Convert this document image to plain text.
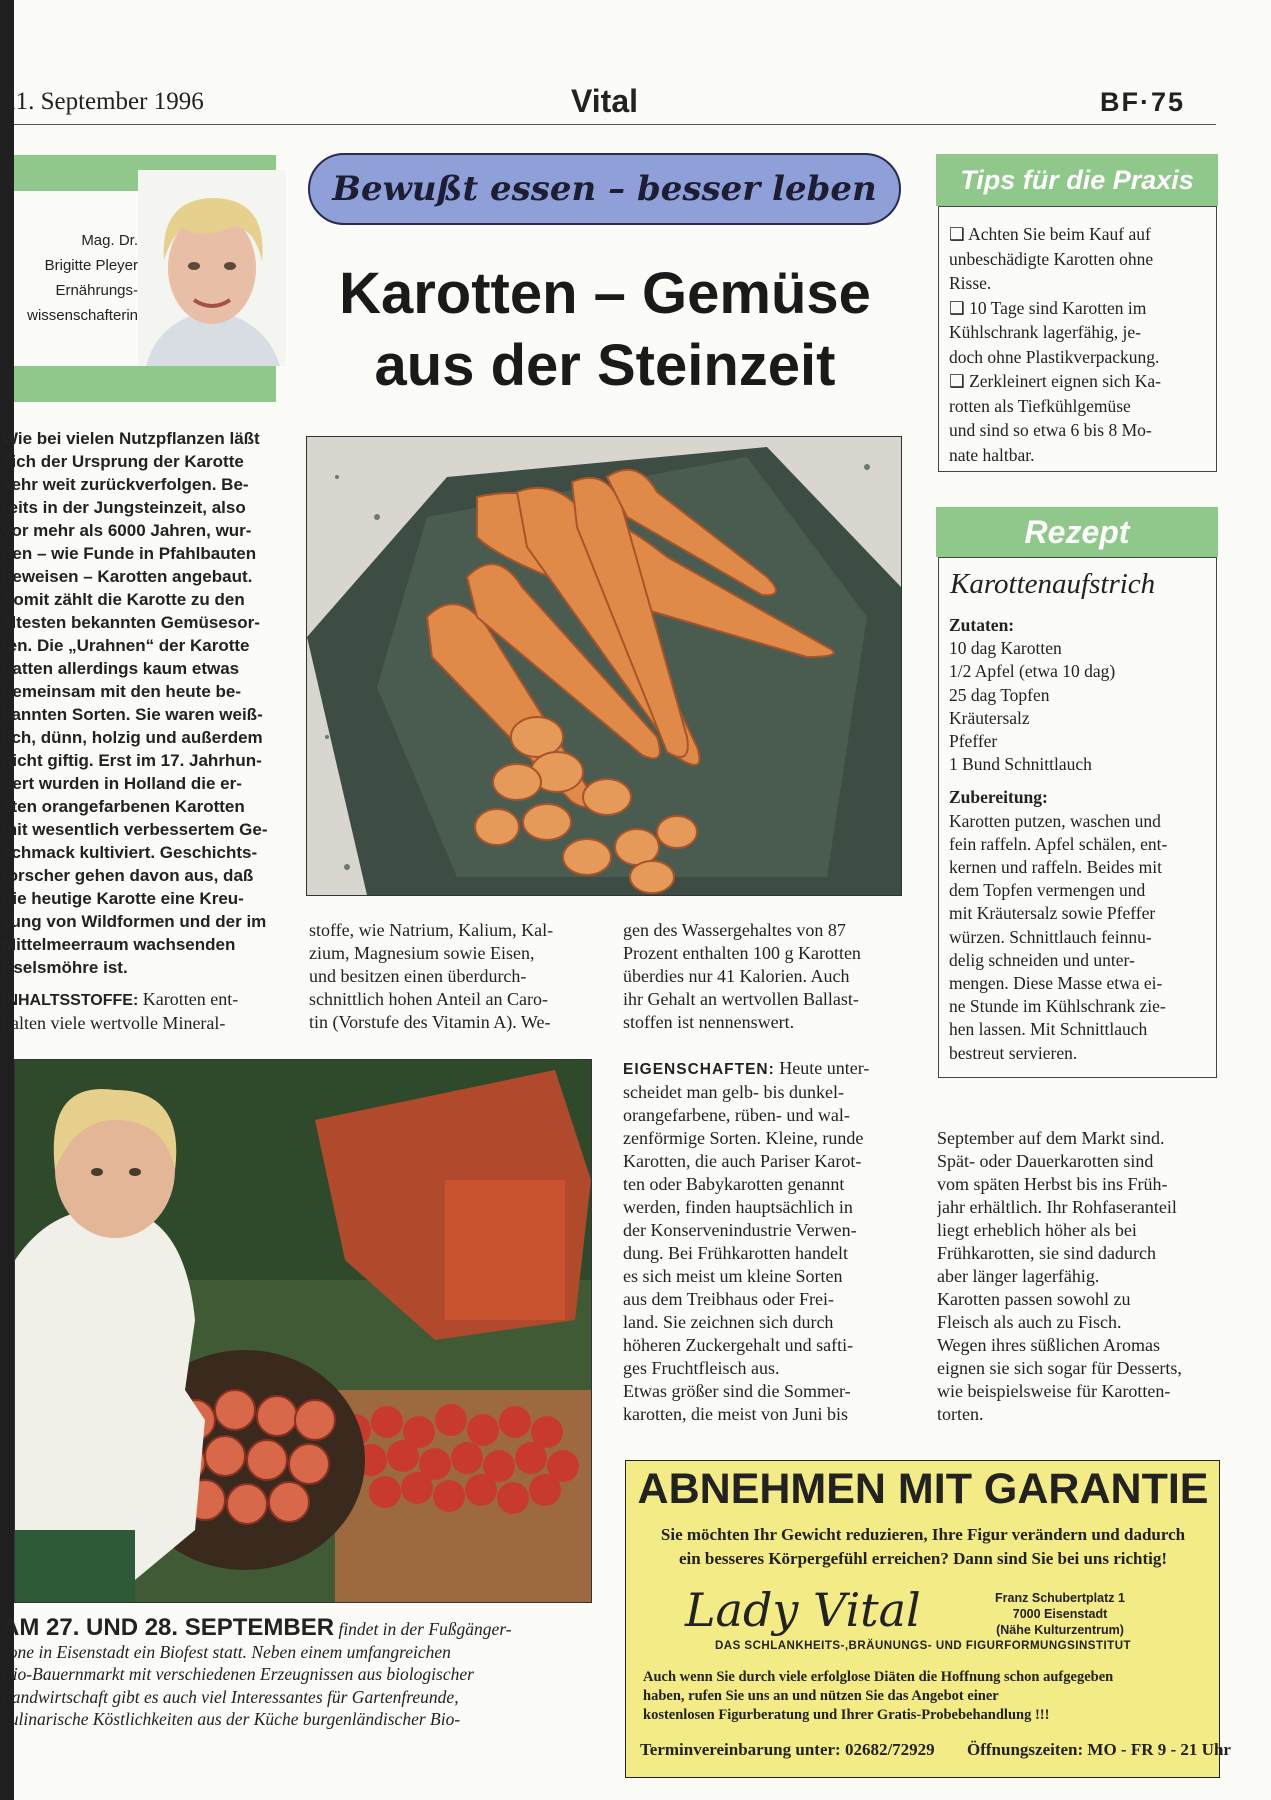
11. September 1996	Vital	BF·75
Mag. Dr.
Brigitte Pleyer
Ernährungs-
wissenschafterin
Bewußt essen – besser leben
Karotten – Gemüse
aus der Steinzeit
Wie bei vielen Nutzpflanzen läßt
sich der Ursprung der Karotte
sehr weit zurückverfolgen. Be-
reits in der Jungsteinzeit, also
vor mehr als 6000 Jahren, wur-
den – wie Funde in Pfahlbauten
beweisen – Karotten angebaut.
Somit zählt die Karotte zu den
ältesten bekannten Gemüsesor-
ten. Die „Urahnen“ der Karotte
hatten allerdings kaum etwas
gemeinsam mit den heute be-
kannten Sorten. Sie waren weiß-
lich, dünn, holzig und außerdem
nicht giftig. Erst im 17. Jahrhun-
dert wurden in Holland die er-
sten orangefarbenen Karotten
mit wesentlich verbessertem Ge-
schmack kultiviert. Geschichts-
forscher gehen davon aus, daß
die heutige Karotte eine Kreu-
zung von Wildformen und der im
Mittelmeerraum wachsenden
Eselsmöhre ist.
INHALTSSTOFFE: Karotten ent-
halten viele wertvolle Mineral-
stoffe, wie Natrium, Kalium, Kal-
zium, Magnesium sowie Eisen,
und besitzen einen überdurch-
schnittlich hohen Anteil an Caro-
tin (Vorstufe des Vitamin A). We-
gen des Wassergehaltes von 87
Prozent enthalten 100 g Karotten
überdies nur 41 Kalorien. Auch
ihr Gehalt an wertvollen Ballast-
stoffen ist nennenswert.
EIGENSCHAFTEN: Heute unter-
scheidet man gelb- bis dunkel-
orangefarbene, rüben- und wal-
zenförmige Sorten. Kleine, runde
Karotten, die auch Pariser Karot-
ten oder Babykarotten genannt
werden, finden hauptsächlich in
der Konservenindustrie Verwen-
dung. Bei Frühkarotten handelt
es sich meist um kleine Sorten
aus dem Treibhaus oder Frei-
land. Sie zeichnen sich durch
höheren Zuckergehalt und safti-
ges Fruchtfleisch aus.
Etwas größer sind die Sommer-
karotten, die meist von Juni bis
September auf dem Markt sind.
Spät- oder Dauerkarotten sind
vom späten Herbst bis ins Früh-
jahr erhältlich. Ihr Rohfaseranteil
liegt erheblich höher als bei
Frühkarotten, sie sind dadurch
aber länger lagerfähig.
Karotten passen sowohl zu
Fleisch als auch zu Fisch.
Wegen ihres süßlichen Aromas
eignen sie sich sogar für Desserts,
wie beispielsweise für Karotten-
torten.
Tips für die Praxis
❑ Achten Sie beim Kauf auf
unbeschädigte Karotten ohne
Risse.
❑ 10 Tage sind Karotten im
Kühlschrank lagerfähig, je-
doch ohne Plastikverpackung.
❑ Zerkleinert eignen sich Ka-
rotten als Tiefkühlgemüse
und sind so etwa 6 bis 8 Mo-
nate haltbar.
Rezept
Karottenaufstrich
Zutaten:
10 dag Karotten
1/2 Apfel (etwa 10 dag)
25 dag Topfen
Kräutersalz
Pfeffer
1 Bund Schnittlauch
Zubereitung:
Karotten putzen, waschen und
fein raffeln. Apfel schälen, ent-
kernen und raffeln. Beides mit
dem Topfen vermengen und
mit Kräutersalz sowie Pfeffer
würzen. Schnittlauch feinnu-
delig schneiden und unter-
mengen. Diese Masse etwa ei-
ne Stunde im Kühlschrank zie-
hen lassen. Mit Schnittlauch
bestreut servieren.
AM 27. UND 28. SEPTEMBER findet in der Fußgänger-
zone in Eisenstadt ein Biofest statt. Neben einem umfangreichen
Bio-Bauernmarkt mit verschiedenen Erzeugnissen aus biologischer
Landwirtschaft gibt es auch viel Interessantes für Gartenfreunde,
kulinarische Köstlichkeiten aus der Küche burgenländischer Bio-
ABNEHMEN MIT GARANTIE
Sie möchten Ihr Gewicht reduzieren, Ihre Figur verändern und dadurch
ein besseres Körpergefühl erreichen? Dann sind Sie bei uns richtig!
Lady Vital	Franz Schubertplatz 1
7000 Eisenstadt
(Nähe Kulturzentrum)
DAS SCHLANKHEITS-,BRÄUNUNGS- UND FIGURFORMUNGSINSTITUT
Auch wenn Sie durch viele erfolglose Diäten die Hoffnung schon aufgegeben
haben, rufen Sie uns an und nützen Sie das Angebot einer
kostenlosen Figurberatung und Ihrer Gratis-Probebehandlung !!!
Terminvereinbarung unter: 02682/72929 Öffnungszeiten: MO - FR 9 - 21 Uhr
